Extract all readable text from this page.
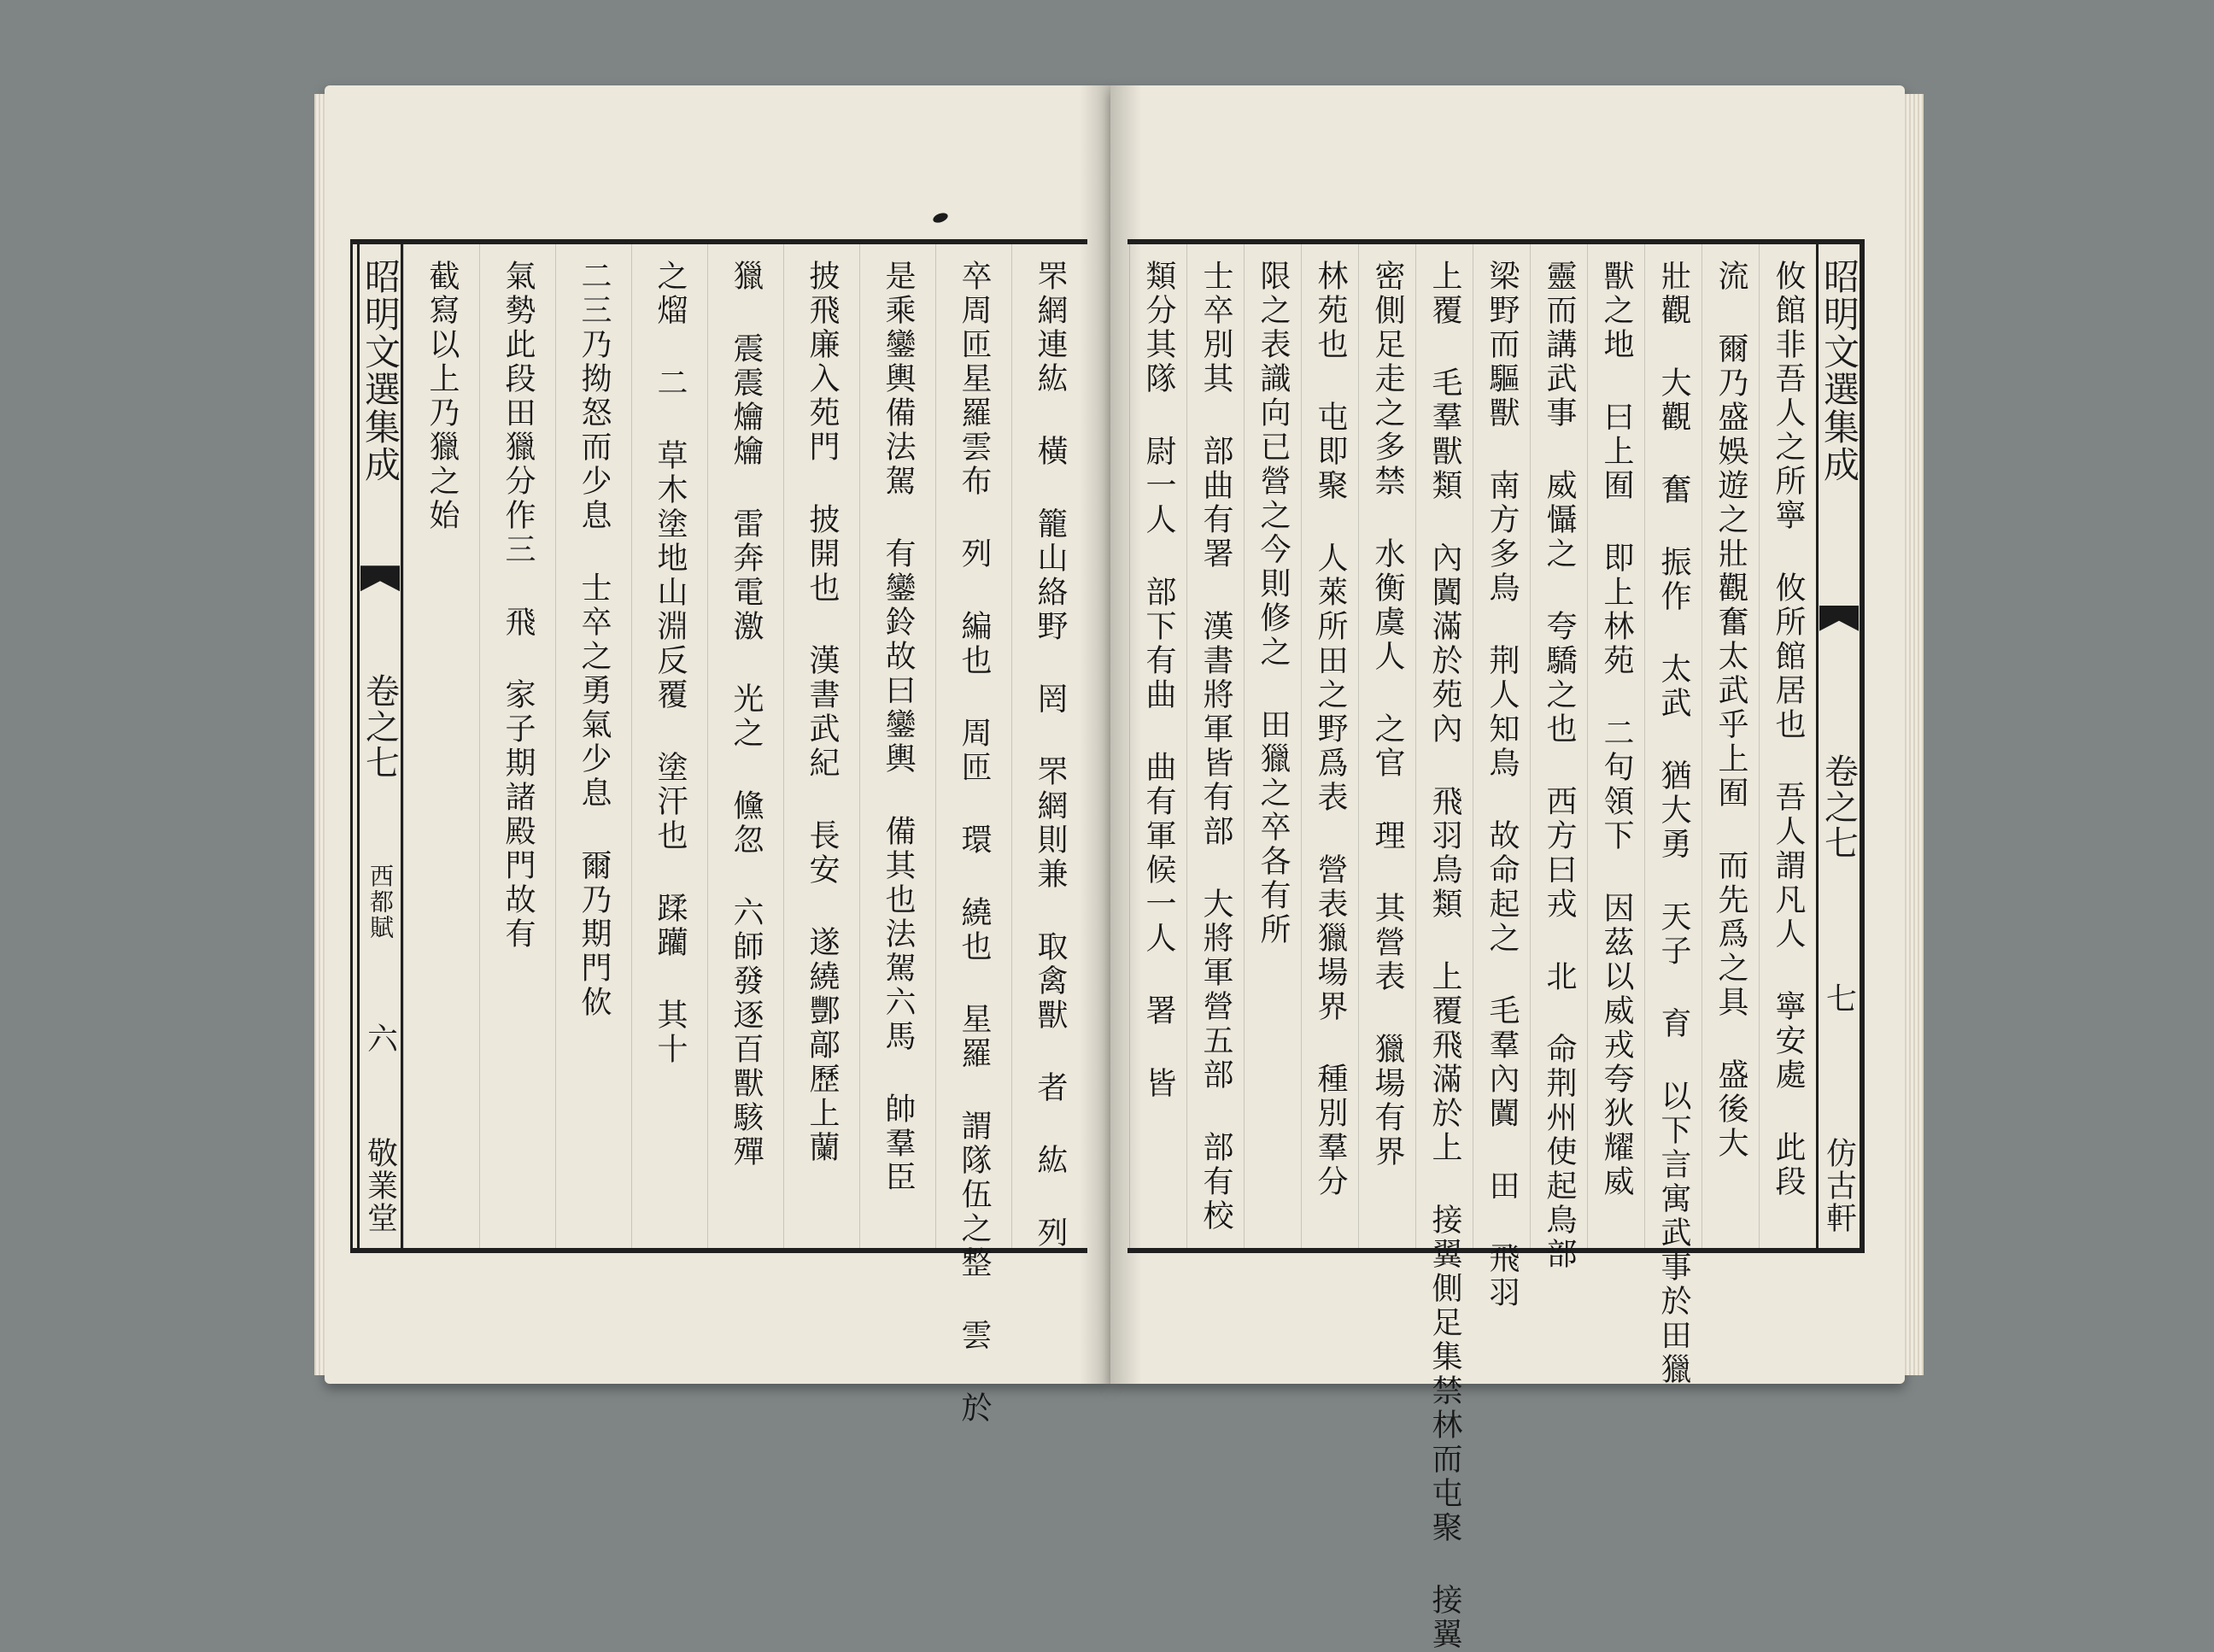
罘網連紘 橫 籠山絡野 罔 罘網則兼 取禽獸 者 紘 列
卒周匝星羅雲布 列 編也 周匝 環 繞也 星羅 謂隊伍之整 雲 於
是乘鑾輿備法駕 有鑾鈴故曰鑾輿 備其也法駕六馬 帥羣臣
披飛廉入苑門 披開也 漢書武紀 長安 遂繞酆鄗歷上蘭
獵 震震爚爚 雷奔電激 光之 儵忽 六師發逐百獸駭殫
之熘 二 草木塗地山淵反覆 塗汗也 蹂躪 其十
二三乃拗怒而少息 士卒之勇氣少息 爾乃期門佽
氣勢此段田獵分作三 飛 家子期諸殿門故有
截寫以上乃獵之始
昭明文選集成
卷之七
西都賦
六
敬業堂
昭明文選集成
卷之七
七
仿古軒
攸館非吾人之所寧 攸所館居也 吾人謂凡人 寧安處 此段
流 爾乃盛娛遊之壯觀奮太武乎上囿 而先爲之具 盛後大
壯觀 大觀 奮 振作 太武 猶大勇 天子 育 以下言寓武事於田獵
獸之地 曰上囿 即上林苑 二句領下 因茲以威戎夸狄耀威
靈而講武事 威懾之 夸驕之也 西方曰戎 北 命荆州使起鳥部
梁野而驅獸 南方多鳥 荆人知鳥 故命起之 毛羣內闐 田 飛羽
上覆 毛羣獸類 內闐滿於苑內 飛羽鳥類 上覆飛滿於上 接翼側足集禁林而屯聚 接翼
密側足走之多禁 水衡虞人 之官 理 其營表 獵場有界
林苑也 屯即聚 人萊所田之野爲表 營表獵場界 種別羣分
限之表識向已營之今則修之 田獵之卒各有所
士卒別其 部曲有署 漢書將軍皆有部 大將軍營五部 部有校
類分其隊 尉一人 部下有曲 曲有軍候一人 署 皆
